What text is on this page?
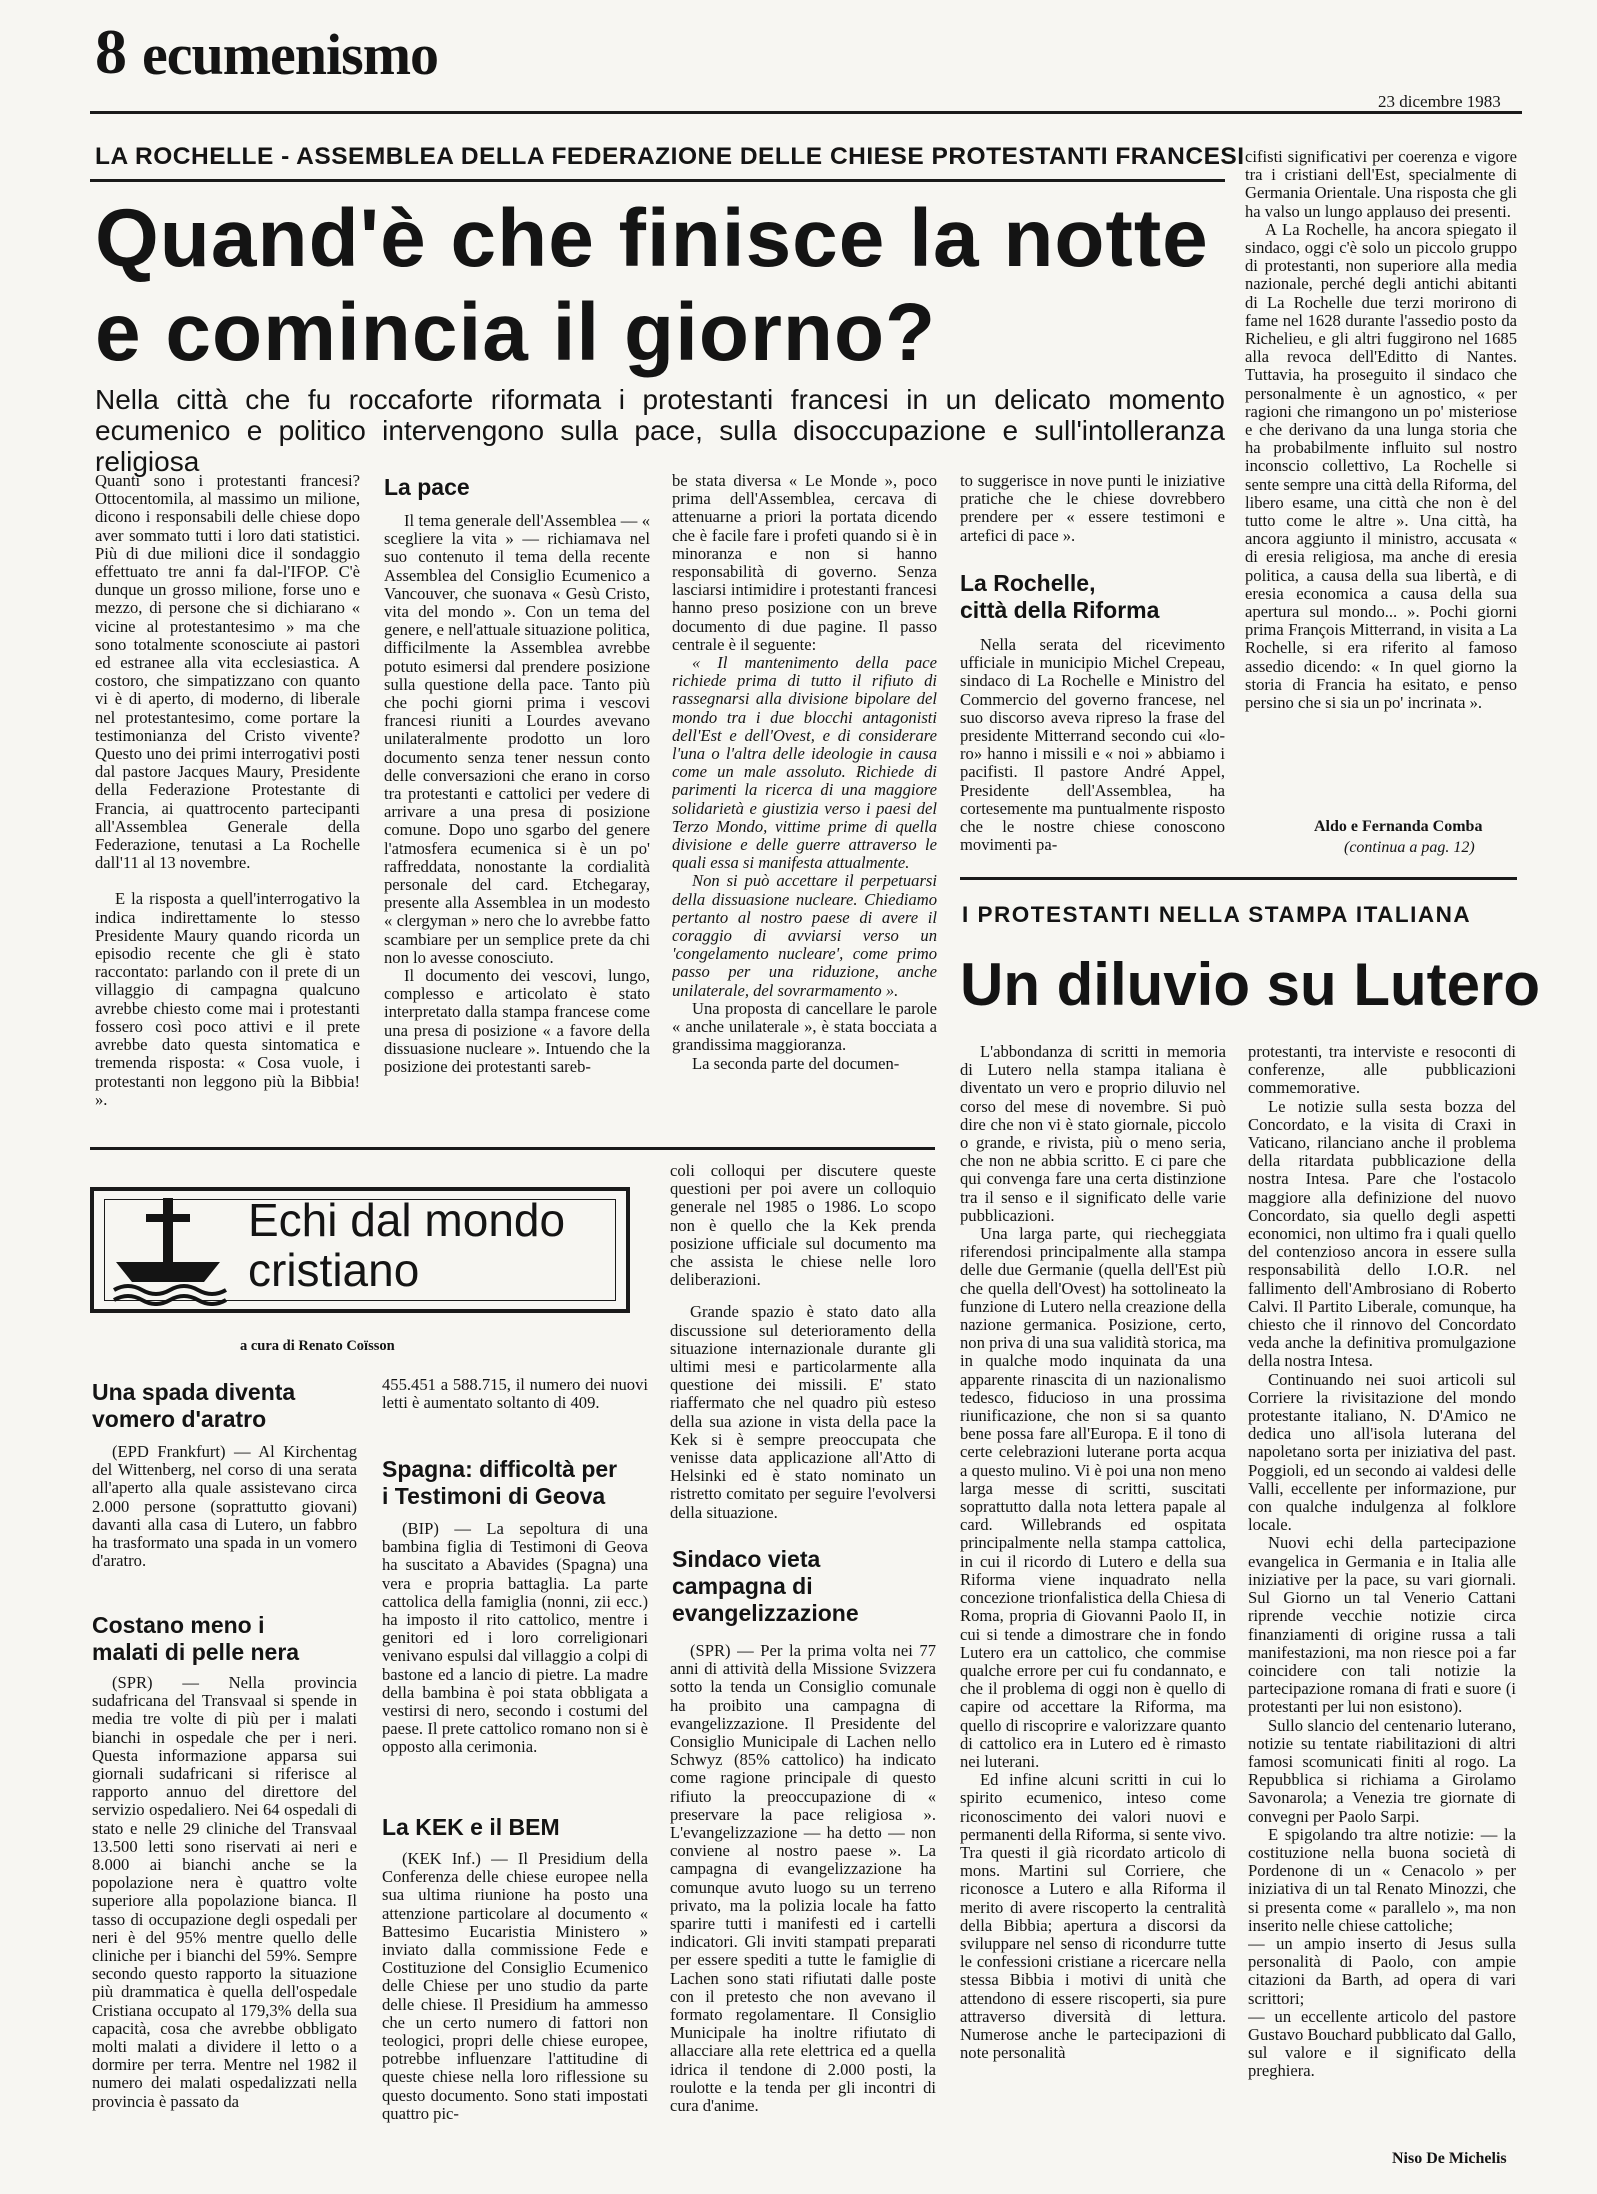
8 ecumenismo
23 dicembre 1983
LA ROCHELLE - ASSEMBLEA DELLA FEDERAZIONE DELLE CHIESE PROTESTANTI FRANCESI
Quand'è che finisce la notte
e comincia il giorno?
Nella città che fu roccaforte riformata i protestanti francesi in un delicato momento ecumenico e politico intervengono sulla pace, sulla disoccupazione e sull'intolleranza religiosa

Quanti sono i protestanti francesi? Ottocentomila, al massimo un milione, dicono i responsabili delle chiese dopo aver sommato tutti i loro dati statistici. Più di due milioni dice il sondaggio effettuato tre anni fa dal-l'IFOP. C'è dunque un grosso milione, forse uno e mezzo, di persone che si dichiarano « vicine al protestantesimo » ma che sono totalmente sconosciute ai pastori ed estranee alla vita ecclesiastica. A costoro, che simpatizzano con quanto vi è di aperto, di moderno, di liberale nel protestantesimo, come portare la testimonianza del Cristo vivente? Questo uno dei primi interrogativi posti dal pastore Jacques Maury, Presidente della Federazione Protestante di Francia, ai quattrocento partecipanti all'Assemblea Generale della Federazione, tenutasi a La Rochelle dall'11 al 13 novembre.

E la risposta a quell'interrogativo la indica indirettamente lo stesso Presidente Maury quando ricorda un episodio recente che gli è stato raccontato: parlando con il prete di un villaggio di campagna qualcuno avrebbe chiesto come mai i protestanti fossero così poco attivi e il prete avrebbe dato questa sintomatica e tremenda risposta: « Cosa vuole, i protestanti non leggono più la Bibbia! ».

La pace

Il tema generale dell'Assemblea — « scegliere la vita » — richiamava nel suo contenuto il tema della recente Assemblea del Consiglio Ecumenico a Vancouver, che suonava « Gesù Cristo, vita del mondo ». Con un tema del genere, e nell'attuale situazione politica, difficilmente la Assemblea avrebbe potuto esimersi dal prendere posizione sulla questione della pace. Tanto più che pochi giorni prima i vescovi francesi riuniti a Lourdes avevano unilateralmente prodotto un loro documento senza tener nessun conto delle conversazioni che erano in corso tra protestanti e cattolici per vedere di arrivare a una presa di posizione comune. Dopo uno sgarbo del genere l'atmosfera ecumenica si è un po' raffreddata, nonostante la cordialità personale del card. Etchegaray, presente alla Assemblea in un modesto « clergyman » nero che lo avrebbe fatto scambiare per un semplice prete da chi non lo avesse conosciuto.

Il documento dei vescovi, lungo, complesso e articolato è stato interpretato dalla stampa francese come una presa di posizione « a favore della dissuasione nucleare ». Intuendo che la posizione dei protestanti sareb-

be stata diversa « Le Monde », poco prima dell'Assemblea, cercava di attenuarne a priori la portata dicendo che è facile fare i profeti quando si è in minoranza e non si hanno responsabilità di governo. Senza lasciarsi intimidire i protestanti francesi hanno preso posizione con un breve documento di due pagine. Il passo centrale è il seguente:

« Il mantenimento della pace richiede prima di tutto il rifiuto di rassegnarsi alla divisione bipolare del mondo tra i due blocchi antagonisti dell'Est e dell'Ovest, e di considerare l'una o l'altra delle ideologie in causa come un male assoluto. Richiede di parimenti la ricerca di una maggiore solidarietà e giustizia verso i paesi del Terzo Mondo, vittime prime di quella divisione e delle guerre attraverso le quali essa si manifesta attualmente.

Non si può accettare il perpetuarsi della dissuasione nucleare. Chiediamo pertanto al nostro paese di avere il coraggio di avviarsi verso un 'congelamento nucleare', come primo passo per una riduzione, anche unilaterale, del sovrarmamento ».

Una proposta di cancellare le parole « anche unilaterale », è stata bocciata a grandissima maggioranza.

La seconda parte del documen-

to suggerisce in nove punti le iniziative pratiche che le chiese dovrebbero prendere per « essere testimoni e artefici di pace ».

La Rochelle,
città della Riforma

Nella serata del ricevimento ufficiale in municipio Michel Crepeau, sindaco di La Rochelle e Ministro del Commercio del governo francese, nel suo discorso aveva ripreso la frase del presidente Mitterrand secondo cui «lo-ro» hanno i missili e « noi » abbiamo i pacifisti. Il pastore André Appel, Presidente dell'Assemblea, ha cortesemente ma puntualmente risposto che le nostre chiese conoscono movimenti pa-

cifisti significativi per coerenza e vigore tra i cristiani dell'Est, specialmente di Germania Orientale. Una risposta che gli ha valso un lungo applauso dei presenti.

A La Rochelle, ha ancora spiegato il sindaco, oggi c'è solo un piccolo gruppo di protestanti, non superiore alla media nazionale, perché degli antichi abitanti di La Rochelle due terzi morirono di fame nel 1628 durante l'assedio posto da Richelieu, e gli altri fuggirono nel 1685 alla revoca dell'Editto di Nantes. Tuttavia, ha proseguito il sindaco che personalmente è un agnostico, « per ragioni che rimangono un po' misteriose e che derivano da una lunga storia che ha probabilmente influito sul nostro inconscio collettivo, La Rochelle si sente sempre una città della Riforma, del libero esame, una città che non è del tutto come le altre ». Una città, ha ancora aggiunto il ministro, accusata « di eresia religiosa, ma anche di eresia politica, a causa della sua libertà, e di eresia economica a causa della sua apertura sul mondo... ». Pochi giorni prima François Mitterrand, in visita a La Rochelle, si era riferito al famoso assedio dicendo: « In quel giorno la storia di Francia ha esitato, e penso persino che si sia un po' incrinata ».

Aldo e Fernanda Comba
(continua a pag. 12)
I PROTESTANTI NELLA STAMPA ITALIANA
Un diluvio su Lutero

L'abbondanza di scritti in memoria di Lutero nella stampa italiana è diventato un vero e proprio diluvio nel corso del mese di novembre. Si può dire che non vi è stato giornale, piccolo o grande, e rivista, più o meno seria, che non ne abbia scritto. E ci pare che qui convenga fare una certa distinzione tra il senso e il significato delle varie pubblicazioni.

Una larga parte, qui riecheggiata riferendosi principalmente alla stampa delle due Germanie (quella dell'Est più che quella dell'Ovest) ha sottolineato la funzione di Lutero nella creazione della nazione germanica. Posizione, certo, non priva di una sua validità storica, ma in qualche modo inquinata da una apparente rinascita di un nazionalismo tedesco, fiducioso in una prossima riunificazione, che non si sa quanto bene possa fare all'Europa. E il tono di certe celebrazioni luterane porta acqua a questo mulino. Vi è poi una non meno larga messe di scritti, suscitati soprattutto dalla nota lettera papale al card. Willebrands ed ospitata principalmente nella stampa cattolica, in cui il ricordo di Lutero e della sua Riforma viene inquadrato nella concezione trionfalistica della Chiesa di Roma, propria di Giovanni Paolo II, in cui si tende a dimostrare che in fondo Lutero era un cattolico, che commise qualche errore per cui fu condannato, e che il problema di oggi non è quello di capire od accettare la Riforma, ma quello di riscoprire e valorizzare quanto di cattolico era in Lutero ed è rimasto nei luterani.

Ed infine alcuni scritti in cui lo spirito ecumenico, inteso come riconoscimento dei valori nuovi e permanenti della Riforma, si sente vivo. Tra questi il già ricordato articolo di mons. Martini sul Corriere, che riconosce a Lutero e alla Riforma il merito di avere riscoperto la centralità della Bibbia; apertura a discorsi da sviluppare nel senso di ricondurre tutte le confessioni cristiane a ricercare nella stessa Bibbia i motivi di unità che attendono di essere riscoperti, sia pure attraverso diversità di lettura. Numerose anche le partecipazioni di note personalità

protestanti, tra interviste e resoconti di conferenze, alle pubblicazioni commemorative.

Le notizie sulla sesta bozza del Concordato, e la visita di Craxi in Vaticano, rilanciano anche il problema della ritardata pubblicazione della nostra Intesa. Pare che l'ostacolo maggiore alla definizione del nuovo Concordato, sia quello degli aspetti economici, non ultimo fra i quali quello del contenzioso ancora in essere sulla responsabilità dello I.O.R. nel fallimento dell'Ambrosiano di Roberto Calvi. Il Partito Liberale, comunque, ha chiesto che il rinnovo del Concordato veda anche la definitiva promulgazione della nostra Intesa.

Continuando nei suoi articoli sul Corriere la rivisitazione del mondo protestante italiano, N. D'Amico ne dedica uno all'isola luterana del napoletano sorta per iniziativa del past. Poggioli, ed un secondo ai valdesi delle Valli, eccellente per informazione, pur con qualche indulgenza al folklore locale.

Nuovi echi della partecipazione evangelica in Germania e in Italia alle iniziative per la pace, su vari giornali. Sul Giorno un tal Venerio Cattani riprende vecchie notizie circa finanziamenti di origine russa a tali manifestazioni, ma non riesce poi a far coincidere con tali notizie la partecipazione romana di frati e suore (i protestanti per lui non esistono).

Sullo slancio del centenario luterano, notizie su tentate riabilitazioni di altri famosi scomunicati finiti al rogo. La Repubblica si richiama a Girolamo Savonarola; a Venezia tre giornate di convegni per Paolo Sarpi.

E spigolando tra altre notizie: — la costituzione nella buona società di Pordenone di un « Cenacolo » per iniziativa di un tal Renato Minozzi, che si presenta come « parallelo », ma non inserito nelle chiese cattoliche;

— un ampio inserto di Jesus sulla personalità di Paolo, con ampie citazioni da Barth, ad opera di vari scrittori;

— un eccellente articolo del pastore Gustavo Bouchard pubblicato dal Gallo, sul valore e il significato della preghiera.

Niso De Michelis
Echi dal mondo
cristiano
a cura di Renato Coïsson
Una spada diventa
vomero d'aratro

(EPD Frankfurt) — Al Kirchentag del Wittenberg, nel corso di una serata all'aperto alla quale assistevano circa 2.000 persone (soprattutto giovani) davanti alla casa di Lutero, un fabbro ha trasformato una spada in un vomero d'aratro.

Costano meno i
malati di pelle nera

(SPR) — Nella provincia sudafricana del Transvaal si spende in media tre volte di più per i malati bianchi in ospedale che per i neri. Questa informazione apparsa sui giornali sudafricani si riferisce al rapporto annuo del direttore del servizio ospedaliero. Nei 64 ospedali di stato e nelle 29 cliniche del Transvaal 13.500 letti sono riservati ai neri e 8.000 ai bianchi anche se la popolazione nera è quattro volte superiore alla popolazione bianca. Il tasso di occupazione degli ospedali per neri è del 95% mentre quello delle cliniche per i bianchi del 59%. Sempre secondo questo rapporto la situazione più drammatica è quella dell'ospedale Cristiana occupato al 179,3% della sua capacità, cosa che avrebbe obbligato molti malati a dividere il letto o a dormire per terra. Mentre nel 1982 il numero dei malati ospedalizzati nella provincia è passato da

455.451 a 588.715, il numero dei nuovi letti è aumentato soltanto di 409.

Spagna: difficoltà per
i Testimoni di Geova

(BIP) — La sepoltura di una bambina figlia di Testimoni di Geova ha suscitato a Abavides (Spagna) una vera e propria battaglia. La parte cattolica della famiglia (nonni, zii ecc.) ha imposto il rito cattolico, mentre i genitori ed i loro correligionari venivano espulsi dal villaggio a colpi di bastone ed a lancio di pietre. La madre della bambina è poi stata obbligata a vestirsi di nero, secondo i costumi del paese. Il prete cattolico romano non si è opposto alla cerimonia.

La KEK e il BEM

(KEK Inf.) — Il Presidium della Conferenza delle chiese europee nella sua ultima riunione ha posto una attenzione particolare al documento « Battesimo Eucaristia Ministero » inviato dalla commissione Fede e Costituzione del Consiglio Ecumenico delle Chiese per uno studio da parte delle chiese. Il Presidium ha ammesso che un certo numero di fattori non teologici, propri delle chiese europee, potrebbe influenzare l'attitudine di queste chiese nella loro riflessione su questo documento. Sono stati impostati quattro pic-

coli colloqui per discutere queste questioni per poi avere un colloquio generale nel 1985 o 1986. Lo scopo non è quello che la Kek prenda posizione ufficiale sul documento ma che assista le chiese nelle loro deliberazioni.

Grande spazio è stato dato alla discussione sul deterioramento della situazione internazionale durante gli ultimi mesi e particolarmente alla questione dei missili. E' stato riaffermato che nel quadro più esteso della sua azione in vista della pace la Kek si è sempre preoccupata che venisse data applicazione all'Atto di Helsinki ed è stato nominato un ristretto comitato per seguire l'evolversi della situazione.

Sindaco vieta
campagna di
evangelizzazione

(SPR) — Per la prima volta nei 77 anni di attività della Missione Svizzera sotto la tenda un Consiglio comunale ha proibito una campagna di evangelizzazione. Il Presidente del Consiglio Municipale di Lachen nello Schwyz (85% cattolico) ha indicato come ragione principale di questo rifiuto la preoccupazione di « preservare la pace religiosa ». L'evangelizzazione — ha detto — non conviene al nostro paese ». La campagna di evangelizzazione ha comunque avuto luogo su un terreno privato, ma la polizia locale ha fatto sparire tutti i manifesti ed i cartelli indicatori. Gli inviti stampati preparati per essere spediti a tutte le famiglie di Lachen sono stati rifiutati dalle poste con il pretesto che non avevano il formato regolamentare. Il Consiglio Municipale ha inoltre rifiutato di allacciare alla rete elettrica ed a quella idrica il tendone di 2.000 posti, la roulotte e la tenda per gli incontri di cura d'anime.
